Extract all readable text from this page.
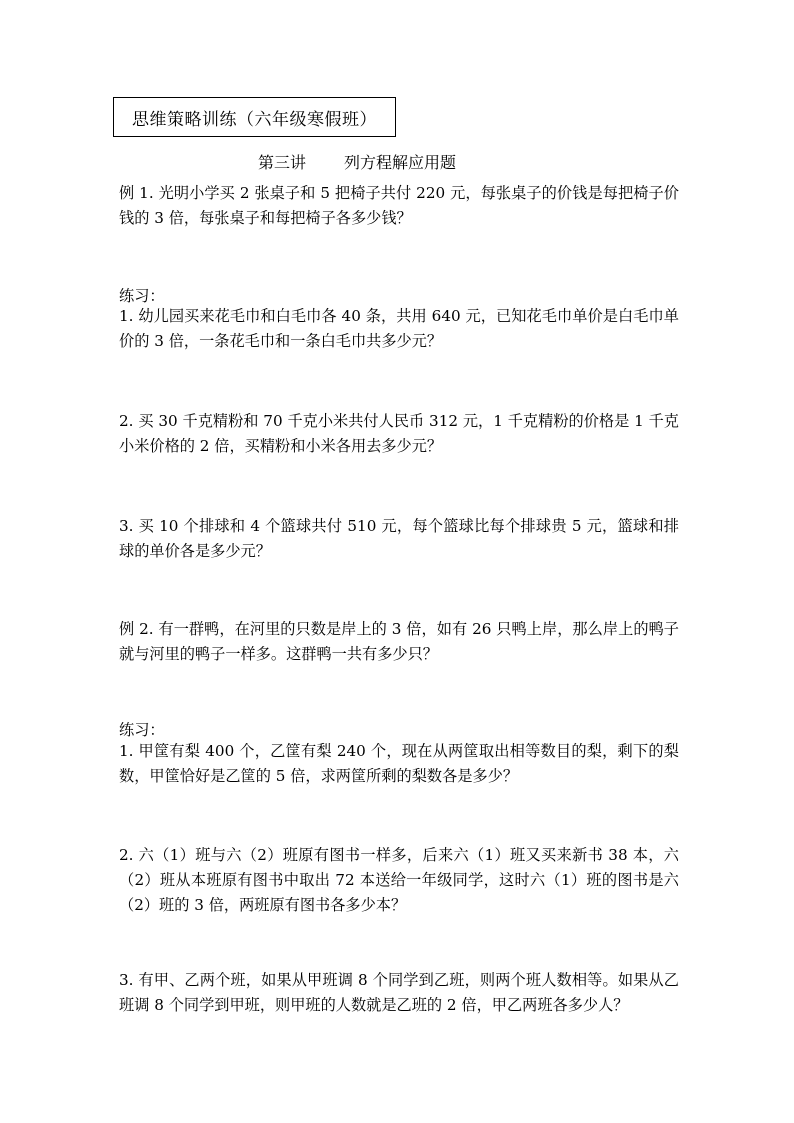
思维策略训练（六年级寒假班）
第三讲 列方程解应用题

例 1. 光明小学买 2 张桌子和 5 把椅子共付 220 元，每张桌子的价钱是每把椅子价钱的 3 倍，每张桌子和每把椅子各多少钱？

练习：

1. 幼儿园买来花毛巾和白毛巾各 40 条，共用 640 元，已知花毛巾单价是白毛巾单价的 3 倍，一条花毛巾和一条白毛巾共多少元？

2. 买 30 千克精粉和 70 千克小米共付人民币 312 元，1 千克精粉的价格是 1 千克小米价格的 2 倍，买精粉和小米各用去多少元？

3. 买 10 个排球和 4 个篮球共付 510 元，每个篮球比每个排球贵 5 元，篮球和排球的单价各是多少元？

例 2. 有一群鸭，在河里的只数是岸上的 3 倍，如有 26 只鸭上岸，那么岸上的鸭子就与河里的鸭子一样多。这群鸭一共有多少只？

练习：

1. 甲筐有梨 400 个，乙筐有梨 240 个，现在从两筐取出相等数目的梨，剩下的梨数，甲筐恰好是乙筐的 5 倍，求两筐所剩的梨数各是多少？

2. 六（1）班与六（2）班原有图书一样多，后来六（1）班又买来新书 38 本，六（2）班从本班原有图书中取出 72 本送给一年级同学，这时六（1）班的图书是六（2）班的 3 倍，两班原有图书各多少本？

3. 有甲、乙两个班，如果从甲班调 8 个同学到乙班，则两个班人数相等。如果从乙班调 8 个同学到甲班，则甲班的人数就是乙班的 2 倍，甲乙两班各多少人？
